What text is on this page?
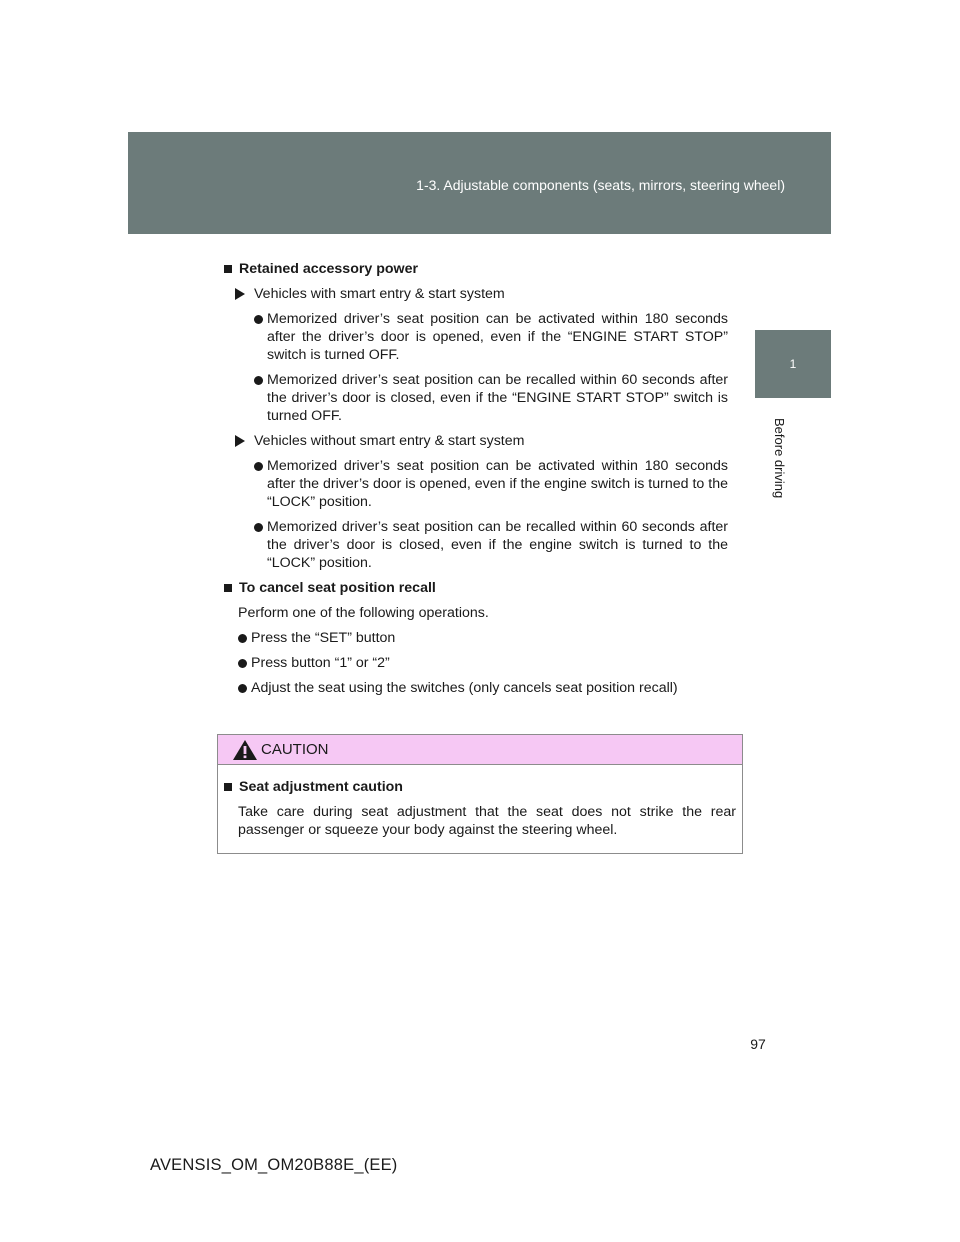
1-3. Adjustable components (seats, mirrors, steering wheel)
1
Before driving
Retained accessory power
Vehicles with smart entry & start system
Memorized driver’s seat position can be activated within 180 seconds after the driver’s door is opened, even if the “ENGINE START STOP” switch is turned OFF.
Memorized driver’s seat position can be recalled within 60 seconds after the driver’s door is closed, even if the “ENGINE START STOP” switch is turned OFF.
Vehicles without smart entry & start system
Memorized driver’s seat position can be activated within 180 seconds after the driver’s door is opened, even if the engine switch is turned to the “LOCK” position.
Memorized driver’s seat position can be recalled within 60 seconds after the driver’s door is closed, even if the engine switch is turned to the “LOCK” position.
To cancel seat position recall
Perform one of the following operations.
Press the “SET” button
Press button “1” or “2”
Adjust the seat using the switches (only cancels seat position recall)
CAUTION
Seat adjustment caution
Take care during seat adjustment that the seat does not strike the rear passenger or squeeze your body against the steering wheel.
97
AVENSIS_OM_OM20B88E_(EE)
